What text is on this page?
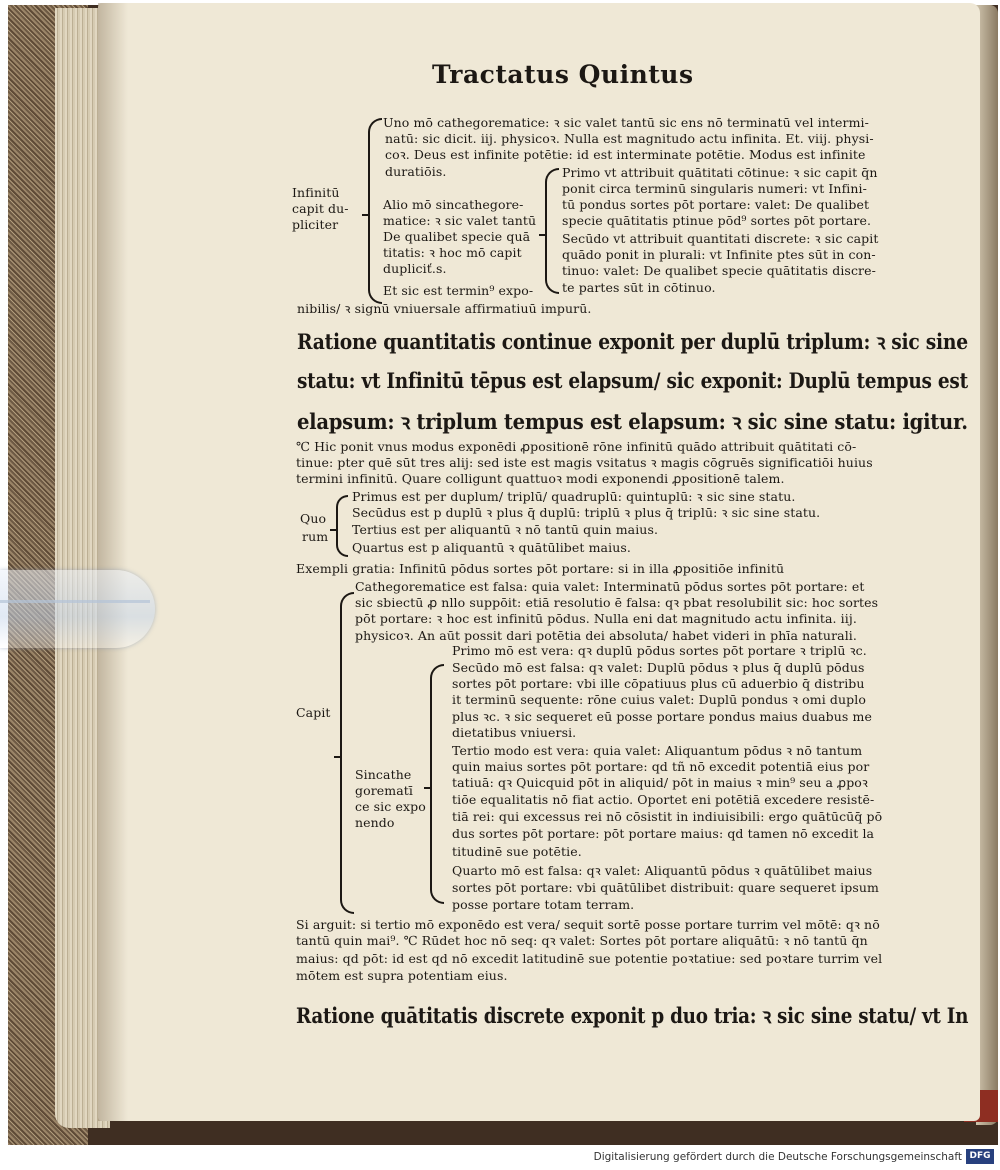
Tractatus Quintus
Uno mō cathegorematice: ꝛ sic valet tantū sic ens nō terminatū vel intermi-
natū: sic dicit. iij. physicoꝛ. Nulla est magnitudo actu infinita. Et. viij. physi-
coꝛ. Deus est infinite potētie: id est interminate potētie. Modus est infinite
duratiōis.
Infinitū
capit du-
pliciter
Alio mō sincathegore-
matice: ꝛ sic valet tantū
De qualibet specie quā
titatis: ꝛ hoc mō capit
dupliciť.s.
Et sic est termin⁹ expo-
Primo vt attribuit quātitati cōtinue: ꝛ sic capit q̄n
ponit circa terminū singularis numeri: vt Infini-
tū pondus sortes pōt portare: valet: De qualibet
specie quātitatis ptinue pōd⁹ sortes pōt portare.
Secūdo vt attribuit quantitati discrete: ꝛ sic capit
quādo ponit in plurali: vt Infinite ptes sūt in con-
tinuo: valet: De qualibet specie quātitatis discre-
te partes sūt in cōtinuo.
nibilis/ ꝛ signū vniuersale affirmatiuū impurū.
Ratione quantitatis continue exponit per duplū triplum: ꝛ sic sine
statu: vt Infinitū tēpus est elapsum/ sic exponit: Duplū tempus est
elapsum: ꝛ triplum tempus est elapsum: ꝛ sic sine statu: igitur.
℃ Hic ponit vnus modus exponēdi ꝓpositionē rōne infinitū quādo attribuit quātitati cō-
tinue: pter quē sūt tres alij: sed iste est magis vsitatus ꝛ magis cōgruēs significatiōi huius
termini infinitū. Quare colligunt quattuoꝛ modi exponendi ꝓpositionē talem.
Quo
rum
Primus est per duplum/ triplū/ quadruplū: quintuplū: ꝛ sic sine statu.
Secūdus est p duplū ꝛ plus q̄ duplū: triplū ꝛ plus q̄ triplū: ꝛ sic sine statu.
Tertius est per aliquantū ꝛ nō tantū quin maius.
Quartus est p aliquantū ꝛ quātūlibet maius.
Exempli gratia: Infinitū pōdus sortes pōt portare: si in illa ꝓpositiōe infinitū
Capit
Cathegorematice est falsa: quia valet: Interminatū pōdus sortes pōt portare: et
sic sbiectū ꝓ nllo suppōit: etiā resolutio ē falsa: qꝛ pbat resolubilit sic: hoc sortes
pōt portare: ꝛ hoc est infinitū pōdus. Nulla eni dat magnitudo actu infinita. iij.
physicoꝛ. An aūt possit dari potētia dei absoluta/ habet videri in phīa naturali.
Sincathe
gorematī
ce sic expo
nendo
Primo mō est vera: qꝛ duplū pōdus sortes pōt portare ꝛ triplū ꝛc.
Secūdo mō est falsa: qꝛ valet: Duplū pōdus ꝛ plus q̄ duplū pōdus
sortes pōt portare: vbi ille cōpatiuus plus cū aduerbio q̄ distribu
it terminū sequente: rōne cuius valet: Duplū pondus ꝛ omi duplo
plus ꝛc. ꝛ sic sequeret eū posse portare pondus maius duabus me
dietatibus vniuersi.
Tertio modo est vera: quia valet: Aliquantum pōdus ꝛ nō tantum
quin maius sortes pōt portare: qd tñ nō excedit potentiā eius por
tatiuā: qꝛ Quicquid pōt in aliquid/ pōt in maius ꝛ min⁹ seu a ꝓpoꝛ
tiōe equalitatis nō fiat actio. Oportet eni potētiā excedere resistē-
tiā rei: qui excessus rei nō cōsistit in indiuisibili: ergo quātūcūq̄ pō
dus sortes pōt portare: pōt portare maius: qd tamen nō excedit la
titudinē sue potētie.
Quarto mō est falsa: qꝛ valet: Aliquantū pōdus ꝛ quātūlibet maius
sortes pōt portare: vbi quātūlibet distribuit: quare sequeret ipsum
posse portare totam terram.
Si arguit: si tertio mō exponēdo est vera/ sequit sortē posse portare turrim vel mōtē: qꝛ nō
tantū quin mai⁹. ℃ Rūdet hoc nō seq: qꝛ valet: Sortes pōt portare aliquātū: ꝛ nō tantū q̄n
maius: qd pōt: id est qd nō excedit latitudinē sue potentie poꝛtatiue: sed poꝛtare turrim vel
mōtem est supra potentiam eius.
Ratione quātitatis discrete exponit p duo tria: ꝛ sic sine statu/ vt In
Digitalisierung gefördert durch die Deutsche Forschungsgemeinschaft DFG
